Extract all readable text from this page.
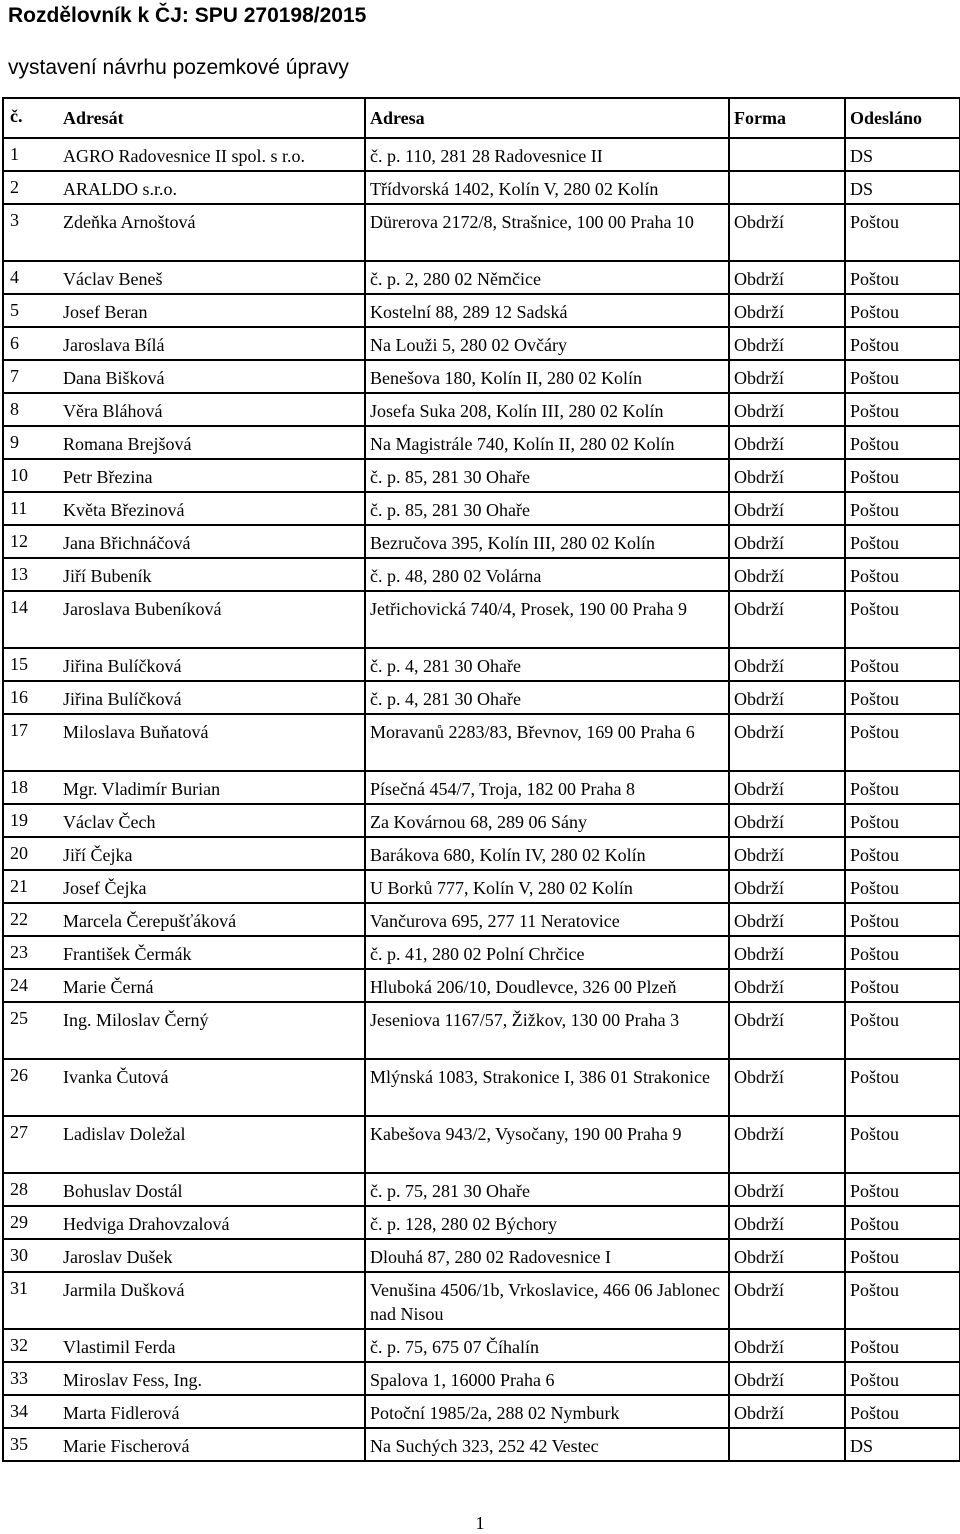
Rozdělovník k ČJ: SPU 270198/2015
vystavení návrhu pozemkové úpravy
č. Adresát	Adresa	Forma	Odesláno

1 AGRO Radovesnice II spol. s r.o.	č. p. 110, 281 28 Radovesnice II		DS

2 ARALDO s.r.o.	Třídvorská 1402, Kolín V, 280 02 Kolín		DS

3 Zdeňka Arnoštová	Dürerova 2172/8, Strašnice, 100 00 Praha 10	Obdrží	Poštou

4 Václav Beneš	č. p. 2, 280 02 Němčice	Obdrží	Poštou

5 Josef Beran	Kostelní 88, 289 12 Sadská	Obdrží	Poštou

6 Jaroslava Bílá	Na Louži 5, 280 02 Ovčáry	Obdrží	Poštou

7 Dana Bišková	Benešova 180, Kolín II, 280 02 Kolín	Obdrží	Poštou

8 Věra Bláhová	Josefa Suka 208, Kolín III, 280 02 Kolín	Obdrží	Poštou

9 Romana Brejšová	Na Magistrále 740, Kolín II, 280 02 Kolín	Obdrží	Poštou

10 Petr Březina	č. p. 85, 281 30 Ohaře	Obdrží	Poštou

11 Květa Březinová	č. p. 85, 281 30 Ohaře	Obdrží	Poštou

12 Jana Břichnáčová	Bezručova 395, Kolín III, 280 02 Kolín	Obdrží	Poštou

13 Jiří Bubeník	č. p. 48, 280 02 Volárna	Obdrží	Poštou

14 Jaroslava Bubeníková	Jetřichovická 740/4, Prosek, 190 00 Praha 9	Obdrží	Poštou

15 Jiřina Bulíčková	č. p. 4, 281 30 Ohaře	Obdrží	Poštou

16 Jiřina Bulíčková	č. p. 4, 281 30 Ohaře	Obdrží	Poštou

17 Miloslava Buňatová	Moravanů 2283/83, Břevnov, 169 00 Praha 6	Obdrží	Poštou

18 Mgr. Vladimír Burian	Písečná 454/7, Troja, 182 00 Praha 8	Obdrží	Poštou

19 Václav Čech	Za Kovárnou 68, 289 06 Sány	Obdrží	Poštou

20 Jiří Čejka	Barákova 680, Kolín IV, 280 02 Kolín	Obdrží	Poštou

21 Josef Čejka	U Borků 777, Kolín V, 280 02 Kolín	Obdrží	Poštou

22 Marcela Čerepušťáková	Vančurova 695, 277 11 Neratovice	Obdrží	Poštou

23 František Čermák	č. p. 41, 280 02 Polní Chrčice	Obdrží	Poštou

24 Marie Černá	Hluboká 206/10, Doudlevce, 326 00 Plzeň	Obdrží	Poštou

25 Ing. Miloslav Černý	Jeseniova 1167/57, Žižkov, 130 00 Praha 3	Obdrží	Poštou

26 Ivanka Čutová	Mlýnská 1083, Strakonice I, 386 01 Strakonice	Obdrží	Poštou

27 Ladislav Doležal	Kabešova 943/2, Vysočany, 190 00 Praha 9	Obdrží	Poštou

28 Bohuslav Dostál	č. p. 75, 281 30 Ohaře	Obdrží	Poštou

29 Hedviga Drahovzalová	č. p. 128, 280 02 Býchory	Obdrží	Poštou

30 Jaroslav Dušek	Dlouhá 87, 280 02 Radovesnice I	Obdrží	Poštou

31 Jarmila Dušková	Venušina 4506/1b, Vrkoslavice, 466 06 Jablonec nad Nisou	Obdrží	Poštou

32 Vlastimil Ferda	č. p. 75, 675 07 Číhalín	Obdrží	Poštou

33 Miroslav Fess, Ing.	Spalova 1, 16000 Praha 6	Obdrží	Poštou

34 Marta Fidlerová	Potoční 1985/2a, 288 02 Nymburk	Obdrží	Poštou

35 Marie Fischerová	Na Suchých 323, 252 42 Vestec		DS
1
